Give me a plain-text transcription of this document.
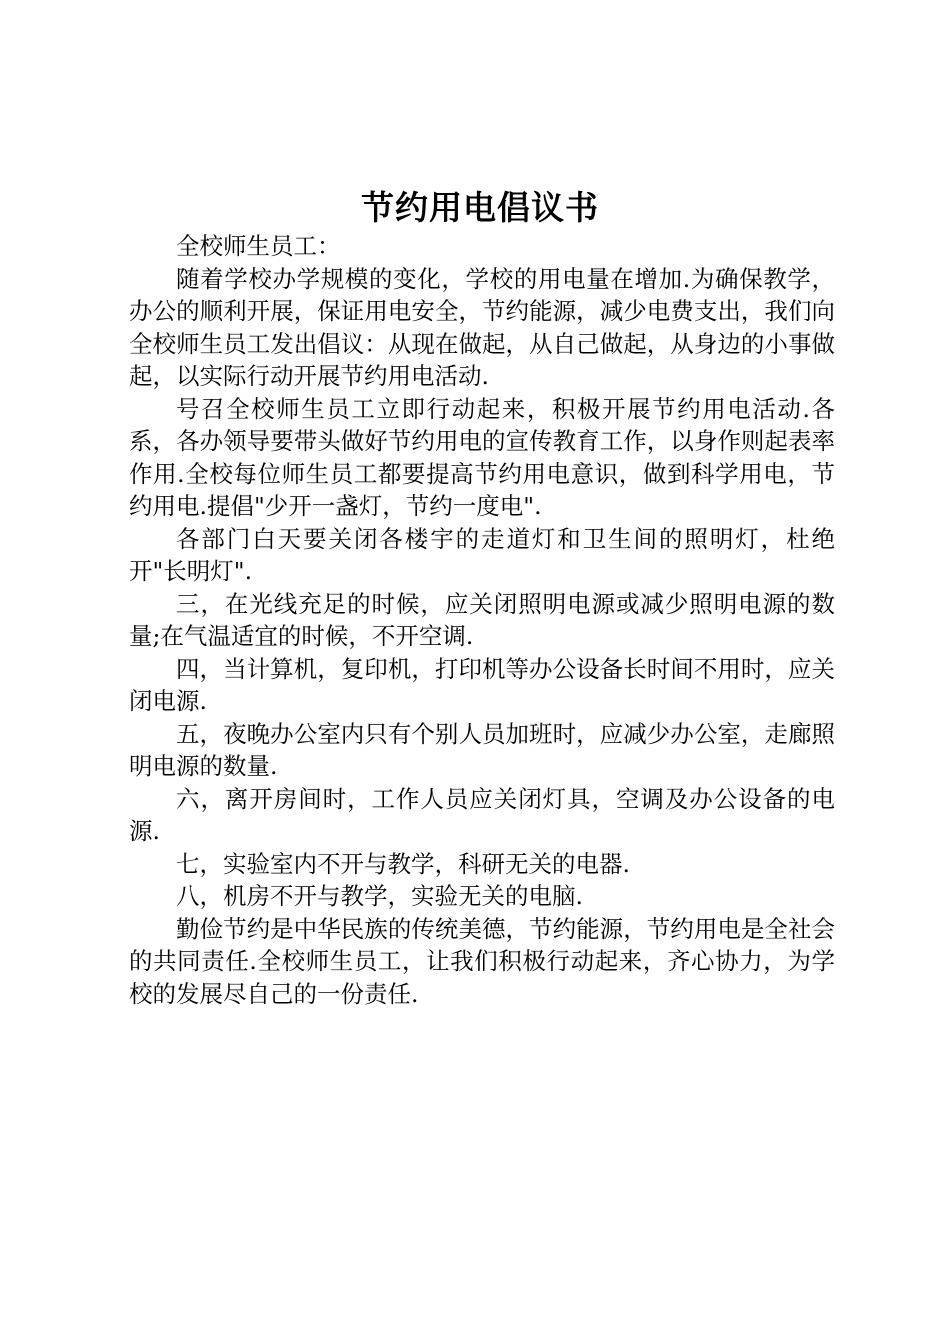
节约用电倡议书

全校师生员工：

随着学校办学规模的变化，学校的用电量在增加.为确保教学，办公的顺利开展，保证用电安全，节约能源，减少电费支出，我们向全校师生员工发出倡议：从现在做起，从自己做起，从身边的小事做起，以实际行动开展节约用电活动.

号召全校师生员工立即行动起来，积极开展节约用电活动.各系，各办领导要带头做好节约用电的宣传教育工作，以身作则起表率作用.全校每位师生员工都要提高节约用电意识，做到科学用电，节约用电.提倡"少开一盏灯，节约一度电".

各部门白天要关闭各楼宇的走道灯和卫生间的照明灯，杜绝开"长明灯".

三，在光线充足的时候，应关闭照明电源或减少照明电源的数量;在气温适宜的时候，不开空调.

四，当计算机，复印机，打印机等办公设备长时间不用时，应关闭电源.

五，夜晚办公室内只有个别人员加班时，应减少办公室，走廊照明电源的数量.

六，离开房间时，工作人员应关闭灯具，空调及办公设备的电源.

七，实验室内不开与教学，科研无关的电器.

八，机房不开与教学，实验无关的电脑.

勤俭节约是中华民族的传统美德，节约能源，节约用电是全社会的共同责任.全校师生员工，让我们积极行动起来，齐心协力，为学校的发展尽自己的一份责任.
